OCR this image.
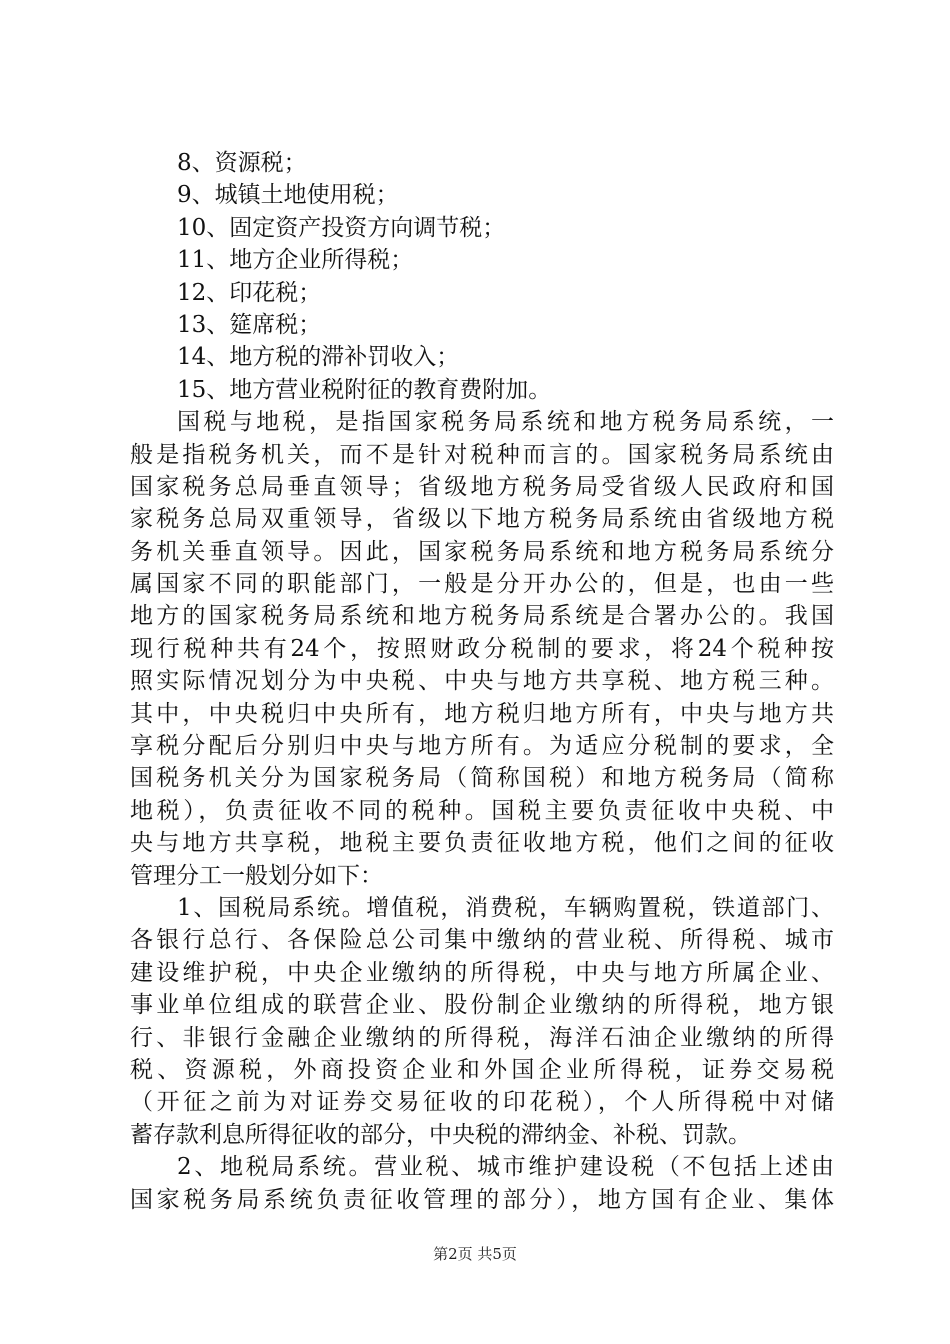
8、资源税；
9、城镇土地使用税；
10、固定资产投资方向调节税；
11、地方企业所得税；
12、印花税；
13、筵席税；
14、地方税的滞补罚收入；
15、地方营业税附征的教育费附加。
国税与地税，是指国家税务局系统和地方税务局系统，一
般是指税务机关，而不是针对税种而言的。国家税务局系统由
国家税务总局垂直领导；省级地方税务局受省级人民政府和国
家税务总局双重领导，省级以下地方税务局系统由省级地方税
务机关垂直领导。因此，国家税务局系统和地方税务局系统分
属国家不同的职能部门，一般是分开办公的，但是，也由一些
地方的国家税务局系统和地方税务局系统是合署办公的。我国
现行税种共有24个，按照财政分税制的要求，将24个税种按
照实际情况划分为中央税、中央与地方共享税、地方税三种。
其中，中央税归中央所有，地方税归地方所有，中央与地方共
享税分配后分别归中央与地方所有。为适应分税制的要求，全
国税务机关分为国家税务局（简称国税）和地方税务局（简称
地税），负责征收不同的税种。国税主要负责征收中央税、中
央与地方共享税，地税主要负责征收地方税，他们之间的征收
管理分工一般划分如下：
1、国税局系统。增值税，消费税，车辆购置税，铁道部门、
各银行总行、各保险总公司集中缴纳的营业税、所得税、城市
建设维护税，中央企业缴纳的所得税，中央与地方所属企业、
事业单位组成的联营企业、股份制企业缴纳的所得税，地方银
行、非银行金融企业缴纳的所得税，海洋石油企业缴纳的所得
税、资源税，外商投资企业和外国企业所得税，证券交易税
（开征之前为对证券交易征收的印花税），个人所得税中对储
蓄存款利息所得征收的部分，中央税的滞纳金、补税、罚款。
2、地税局系统。营业税、城市维护建设税（不包括上述由
国家税务局系统负责征收管理的部分），地方国有企业、集体
第2页 共5页
